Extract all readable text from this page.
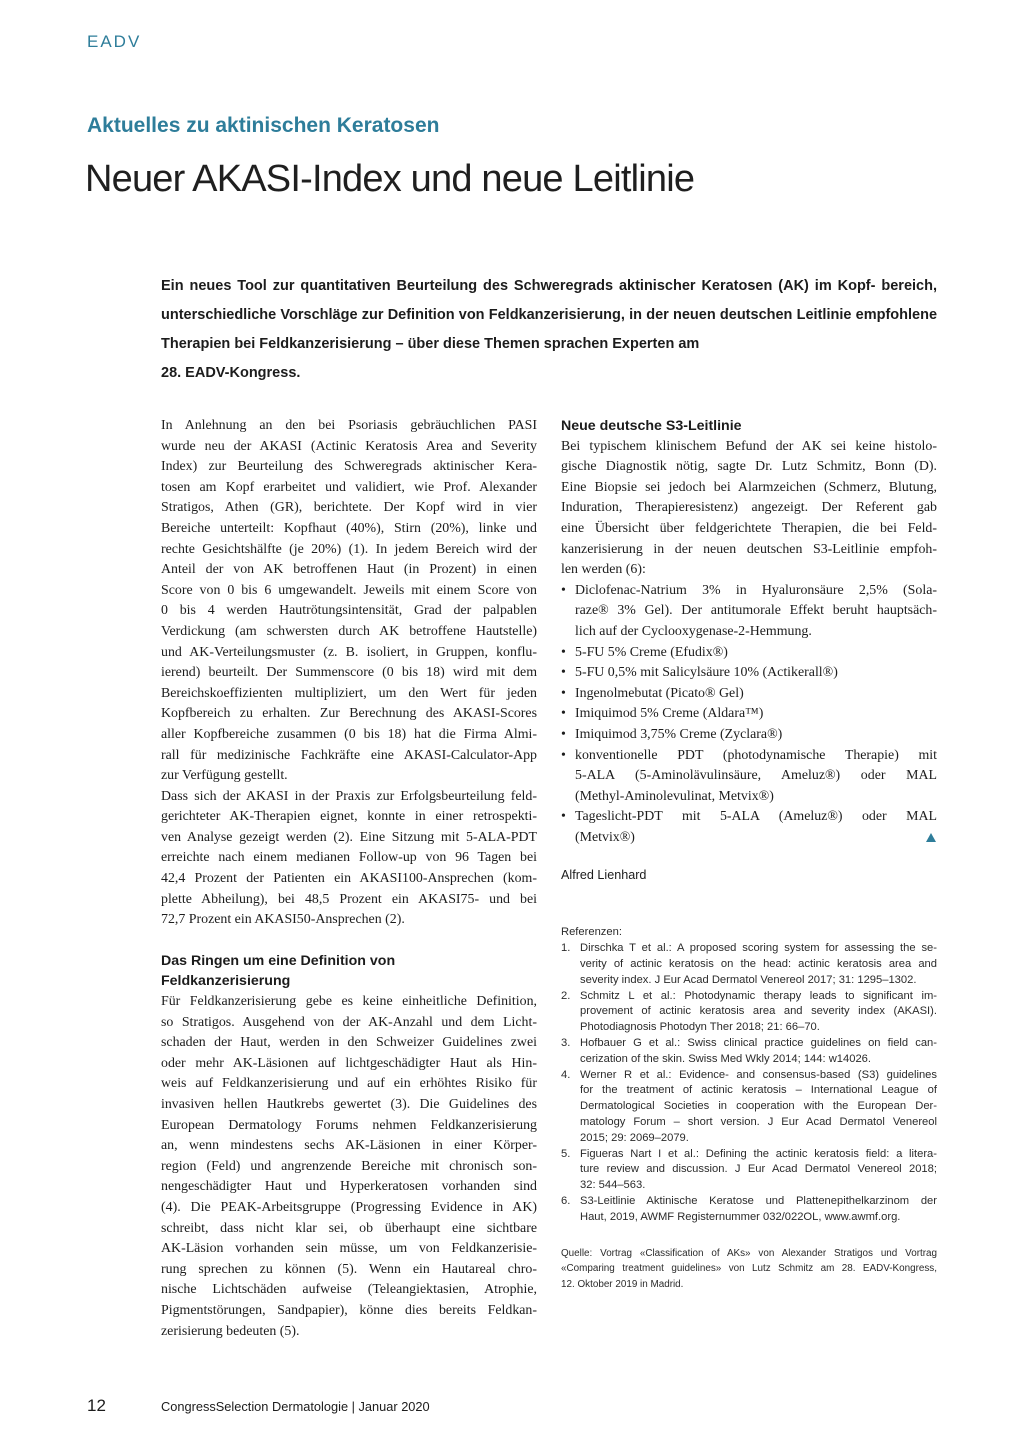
EADV
Aktuelles zu aktinischen Keratosen
Neuer AKASI-Index und neue Leitlinie

Ein neues Tool zur quantitativen Beurteilung des Schweregrads aktinischer Keratosen (AK) im Kopf- bereich, unterschiedliche Vorschläge zur Definition von Feldkanzerisierung, in der neuen deutschen Leitlinie empfohlene Therapien bei Feldkanzerisierung – über diese Themen sprachen Experten am
28. EADV-Kongress.

In Anlehnung an den bei Psoriasis gebräuchlichen PASI
wurde neu der AKASI (Actinic Keratosis Area and Severity
Index) zur Beurteilung des Schweregrads aktinischer Kera-
tosen am Kopf erarbeitet und validiert, wie Prof. Alexander
Stratigos, Athen (GR), berichtete. Der Kopf wird in vier
Bereiche unterteilt: Kopfhaut (40%), Stirn (20%), linke und
rechte Gesichtshälfte (je 20%) (1). In jedem Bereich wird der
Anteil der von AK betroffenen Haut (in Prozent) in einen
Score von 0 bis 6 umgewandelt. Jeweils mit einem Score von
0 bis 4 werden Hautrötungsintensität, Grad der palpablen
Verdickung (am schwersten durch AK betroffene Hautstelle)
und AK-Verteilungsmuster (z. B. isoliert, in Gruppen, konflu-
ierend) beurteilt. Der Summenscore (0 bis 18) wird mit dem
Bereichskoeffizienten multipliziert, um den Wert für jeden
Kopfbereich zu erhalten. Zur Berechnung des AKASI-Scores
aller Kopfbereiche zusammen (0 bis 18) hat die Firma Almi-
rall für medizinische Fachkräfte eine AKASI-Calculator-App
zur Verfügung gestellt.

Dass sich der AKASI in der Praxis zur Erfolgsbeurteilung feld-
gerichteter AK-Therapien eignet, konnte in einer retrospekti-
ven Analyse gezeigt werden (2). Eine Sitzung mit 5-ALA-PDT
erreichte nach einem medianen Follow-up von 96 Tagen bei
42,4 Prozent der Patienten ein AKASI100-Ansprechen (kom-
plette Abheilung), bei 48,5 Prozent ein AKASI75- und bei
72,7 Prozent ein AKASI50-Ansprechen (2).

Das Ringen um eine Definition von
Feldkanzerisierung

Für Feldkanzerisierung gebe es keine einheitliche Definition,
so Stratigos. Ausgehend von der AK-Anzahl und dem Licht-
schaden der Haut, werden in den Schweizer Guidelines zwei
oder mehr AK-Läsionen auf lichtgeschädigter Haut als Hin-
weis auf Feldkanzerisierung und auf ein erhöhtes Risiko für
invasiven hellen Hautkrebs gewertet (3). Die Guidelines des
European Dermatology Forums nehmen Feldkanzerisierung
an, wenn mindestens sechs AK-Läsionen in einer Körper-
region (Feld) und angrenzende Bereiche mit chronisch son-
nengeschädigter Haut und Hyperkeratosen vorhanden sind
(4). Die PEAK-Arbeitsgruppe (Progressing Evidence in AK)
schreibt, dass nicht klar sei, ob überhaupt eine sichtbare
AK-Läsion vorhanden sein müsse, um von Feldkanzerisie-
rung sprechen zu können (5). Wenn ein Hautareal chro-
nische Lichtschäden aufweise (Teleangiektasien, Atrophie,
Pigmentstörungen, Sandpapier), könne dies bereits Feldkan-
zerisierung bedeuten (5).

Neue deutsche S3-Leitlinie

Bei typischem klinischem Befund der AK sei keine histolo-
gische Diagnostik nötig, sagte Dr. Lutz Schmitz, Bonn (D).
Eine Biopsie sei jedoch bei Alarmzeichen (Schmerz, Blutung,
Induration, Therapieresistenz) angezeigt. Der Referent gab
eine Übersicht über feldgerichtete Therapien, die bei Feld-
kanzerisierung in der neuen deutschen S3-Leitlinie empfoh-
len werden (6):

• Diclofenac-Natrium 3% in Hyaluronsäure 2,5% (Sola-
raze® 3% Gel). Der antitumorale Effekt beruht hauptsäch-
lich auf der Cyclooxygenase-2-Hemmung.
• 5-FU 5% Creme (Efudix®)
• 5-FU 0,5% mit Salicylsäure 10% (Actikerall®)
• Ingenolmebutat (Picato® Gel)
• Imiquimod 5% Creme (Aldara™)
• Imiquimod 3,75% Creme (Zyclara®)
• konventionelle PDT (photodynamische Therapie) mit
5-ALA (5-Aminolävulinsäure, Ameluz®) oder MAL
(Methyl-Aminolevulinat, Metvix®)
• Tageslicht-PDT mit 5-ALA (Ameluz®) oder MAL
(Metvix®)

Alfred Lienhard

Referenzen:

1. Dirschka T et al.: A proposed scoring system for assessing the se-
verity of actinic keratosis on the head: actinic keratosis area and
severity index. J Eur Acad Dermatol Venereol 2017; 31: 1295–1302.
2. Schmitz L et al.: Photodynamic therapy leads to significant im-
provement of actinic keratosis area and severity index (AKASI).
Photodiagnosis Photodyn Ther 2018; 21: 66–70.
3. Hofbauer G et al.: Swiss clinical practice guidelines on field can-
cerization of the skin. Swiss Med Wkly 2014; 144: w14026.
4. Werner R et al.: Evidence- and consensus-based (S3) guidelines
for the treatment of actinic keratosis – International League of
Dermatological Societies in cooperation with the European Der-
matology Forum – short version. J Eur Acad Dermatol Venereol
2015; 29: 2069–2079.
5. Figueras Nart I et al.: Defining the actinic keratosis field: a litera-
ture review and discussion. J Eur Acad Dermatol Venereol 2018;
32: 544–563.
6. S3-Leitlinie Aktinische Keratose und Plattenepithelkarzinom der
Haut, 2019, AWMF Registernummer 032/022OL, www.awmf.org.

Quelle: Vortrag «Classification of AKs» von Alexander Stratigos und Vortrag
«Comparing treatment guidelines» von Lutz Schmitz am 28. EADV-Kongress,
12. Oktober 2019 in Madrid.

12	CongressSelection Dermatologie | Januar 2020
